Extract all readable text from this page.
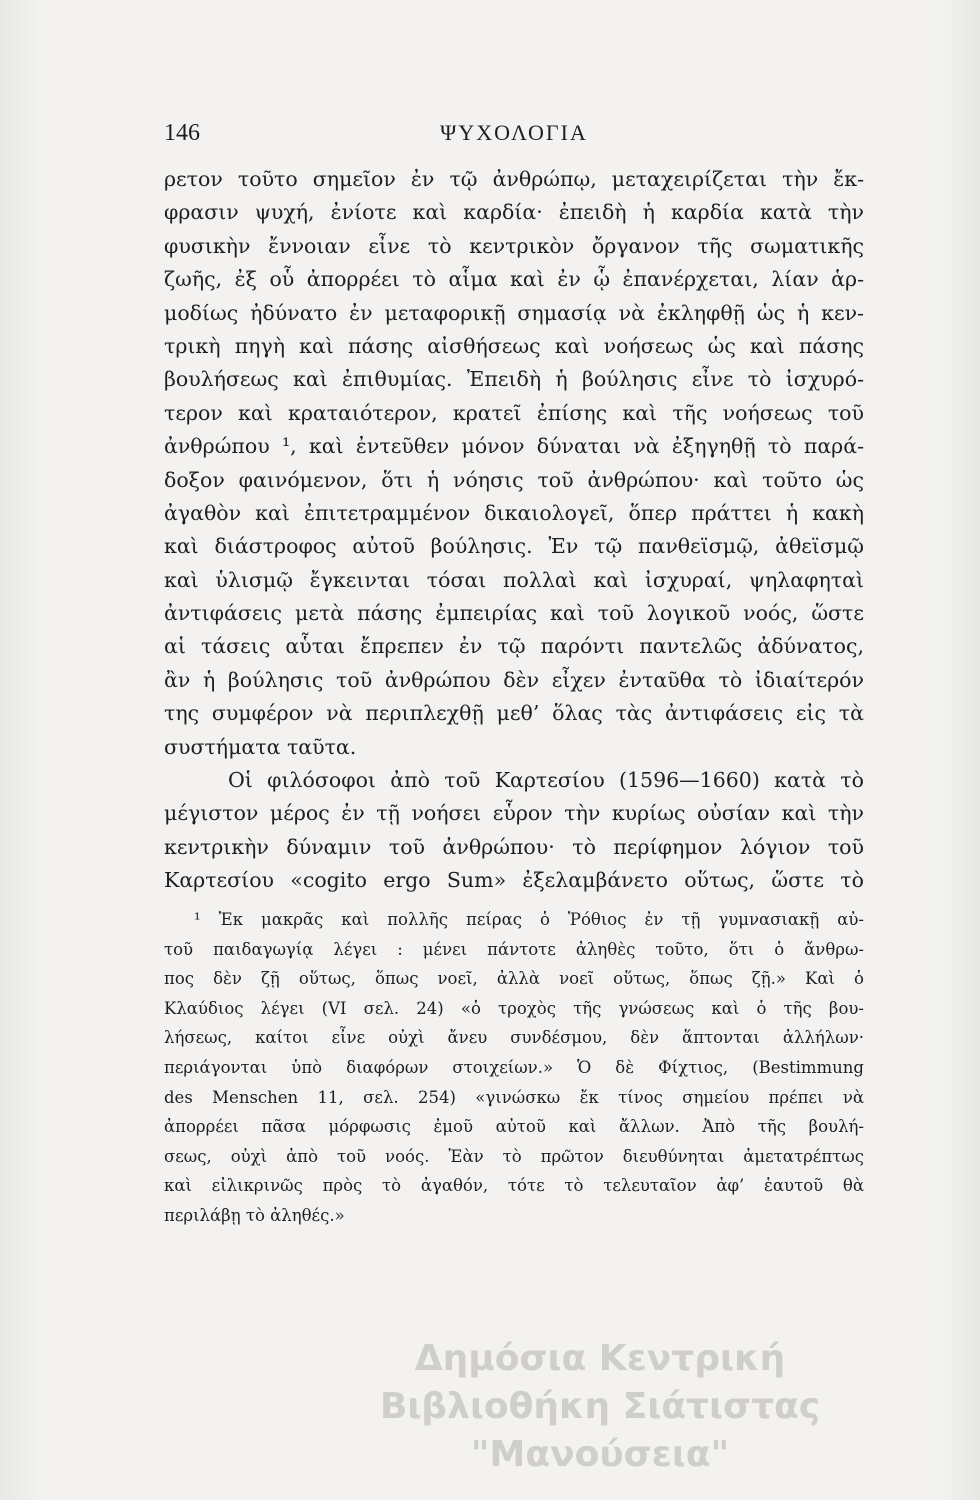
146	ΨΥΧΟΛΟΓΙΑ
ρετον τοῦτο σημεῖον ἐν τῷ ἀνθρώπῳ, μεταχειρίζεται τὴν ἔκ-
φρασιν ψυχή, ἐνίοτε καὶ καρδία· ἐπειδὴ ἡ καρδία κατὰ τὴν
φυσικὴν ἔννοιαν εἶνε τὸ κεντρικὸν ὄργανον τῆς σωματικῆς
ζωῆς, ἐξ οὗ ἀπορρέει τὸ αἷμα καὶ ἐν ᾧ ἐπανέρχεται, λίαν ἁρ-
μοδίως ἠδύνατο ἐν μεταφορικῇ σημασίᾳ νὰ ἐκληφθῇ ὡς ἡ κεν-
τρικὴ πηγὴ καὶ πάσης αἰσθήσεως καὶ νοήσεως ὡς καὶ πάσης
βουλήσεως καὶ ἐπιθυμίας. Ἐπειδὴ ἡ βούλησις εἶνε τὸ ἰσχυρό-
τερον καὶ κραταιότερον, κρατεῖ ἐπίσης καὶ τῆς νοήσεως τοῦ
ἀνθρώπου ¹, καὶ ἐντεῦθεν μόνον δύναται νὰ ἐξηγηθῇ τὸ παρά-
δοξον φαινόμενον, ὅτι ἡ νόησις τοῦ ἀνθρώπου· καὶ τοῦτο ὡς
ἀγαθὸν καὶ ἐπιτετραμμένον δικαιολογεῖ, ὅπερ πράττει ἡ κακὴ
καὶ διάστροφος αὐτοῦ βούλησις. Ἐν τῷ πανθεϊσμῷ, ἀθεϊσμῷ
καὶ ὑλισμῷ ἔγκεινται τόσαι πολλαὶ καὶ ἰσχυραί, ψηλαφηταὶ
ἀντιφάσεις μετὰ πάσης ἐμπειρίας καὶ τοῦ λογικοῦ νοός, ὥστε
αἱ τάσεις αὗται ἔπρεπεν ἐν τῷ παρόντι παντελῶς ἀδύνατος,
ἂν ἡ βούλησις τοῦ ἀνθρώπου δὲν εἶχεν ἐνταῦθα τὸ ἰδιαίτερόν
της συμφέρον νὰ περιπλεχθῇ μεθ’ ὅλας τὰς ἀντιφάσεις εἰς τὰ
συστήματα ταῦτα.
Οἱ φιλόσοφοι ἀπὸ τοῦ Καρτεσίου (1596—1660) κατὰ τὸ
μέγιστον μέρος ἐν τῇ νοήσει εὗρον τὴν κυρίως οὐσίαν καὶ τὴν
κεντρικὴν δύναμιν τοῦ ἀνθρώπου· τὸ περίφημον λόγιον τοῦ
Καρτεσίου «cogito ergo Sum» ἐξελαμβάνετο οὕτως, ὥστε τὸ
¹ Ἐκ μακρᾶς καὶ πολλῆς πείρας ὁ Ῥόθιος ἐν τῇ γυμνασιακῇ αὐ-
τοῦ παιδαγωγίᾳ λέγει : μένει πάντοτε ἀληθὲς τοῦτο, ὅτι ὁ ἄνθρω-
πος δὲν ζῇ οὕτως, ὅπως νοεῖ, ἀλλὰ νοεῖ οὕτως, ὅπως ζῇ.» Καὶ ὁ
Κλαύδιος λέγει (VI σελ. 24) «ὁ τροχὸς τῆς γνώσεως καὶ ὁ τῆς βου-
λήσεως, καίτοι εἶνε οὐχὶ ἄνευ συνδέσμου, δὲν ἅπτονται ἀλλήλων·
περιάγονται ὑπὸ διαφόρων στοιχείων.» Ὁ δὲ Φίχτιος, (Bestimmung
des Menschen 11, σελ. 254) «γινώσκω ἔκ τίνος σημείου πρέπει νὰ
ἀπορρέει πᾶσα μόρφωσις ἐμοῦ αὐτοῦ καὶ ἄλλων. Ἀπὸ τῆς βουλή-
σεως, οὐχὶ ἀπὸ τοῦ νοός. Ἐὰν τὸ πρῶτον διευθύνηται ἀμετατρέπτως
καὶ εἰλικρινῶς πρὸς τὸ ἀγαθόν, τότε τὸ τελευταῖον ἀφ’ ἑαυτοῦ θὰ
περιλάβῃ τὸ ἀληθές.»
Δημόσια Κεντρική
Βιβλιοθήκη Σιάτιστας "Μανούσεια"
